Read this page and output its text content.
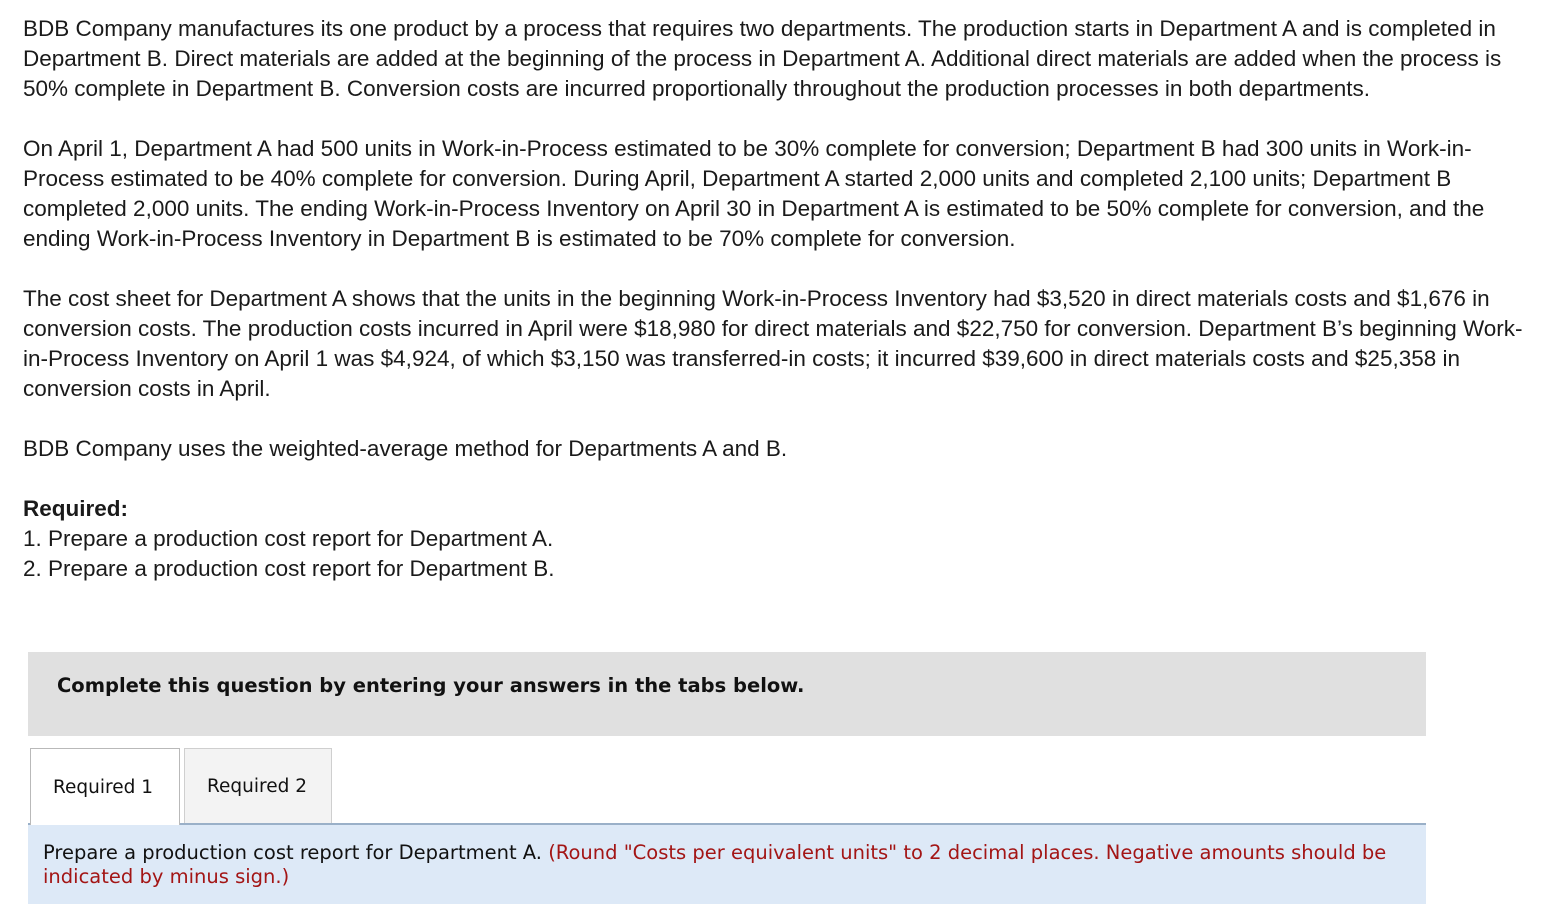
BDB Company manufactures its one product by a process that requires two departments. The production starts in Department A and is completed in Department B. Direct materials are added at the beginning of the process in Department A. Additional direct materials are added when the process is 50% complete in Department B. Conversion costs are incurred proportionally throughout the production processes in both departments.

On April 1, Department A had 500 units in Work-in-Process estimated to be 30% complete for conversion; Department B had 300 units in Work-in-Process estimated to be 40% complete for conversion. During April, Department A started 2,000 units and completed 2,100 units; Department B completed 2,000 units. The ending Work-in-Process Inventory on April 30 in Department A is estimated to be 50% complete for conversion, and the ending Work-in-Process Inventory in Department B is estimated to be 70% complete for conversion.

The cost sheet for Department A shows that the units in the beginning Work-in-Process Inventory had $3,520 in direct materials costs and $1,676 in conversion costs. The production costs incurred in April were $18,980 for direct materials and $22,750 for conversion. Department B’s beginning Work-in-Process Inventory on April 1 was $4,924, of which $3,150 was transferred-in costs; it incurred $39,600 in direct materials costs and $25,358 in conversion costs in April.

BDB Company uses the weighted-average method for Departments A and B.

Required:
1. Prepare a production cost report for Department A.
2. Prepare a production cost report for Department B.
Complete this question by entering your answers in the tabs below.
Required 1	Required 2
Prepare a production cost report for Department A. (Round "Costs per equivalent units" to 2 decimal places. Negative amounts should be indicated by minus sign.)
